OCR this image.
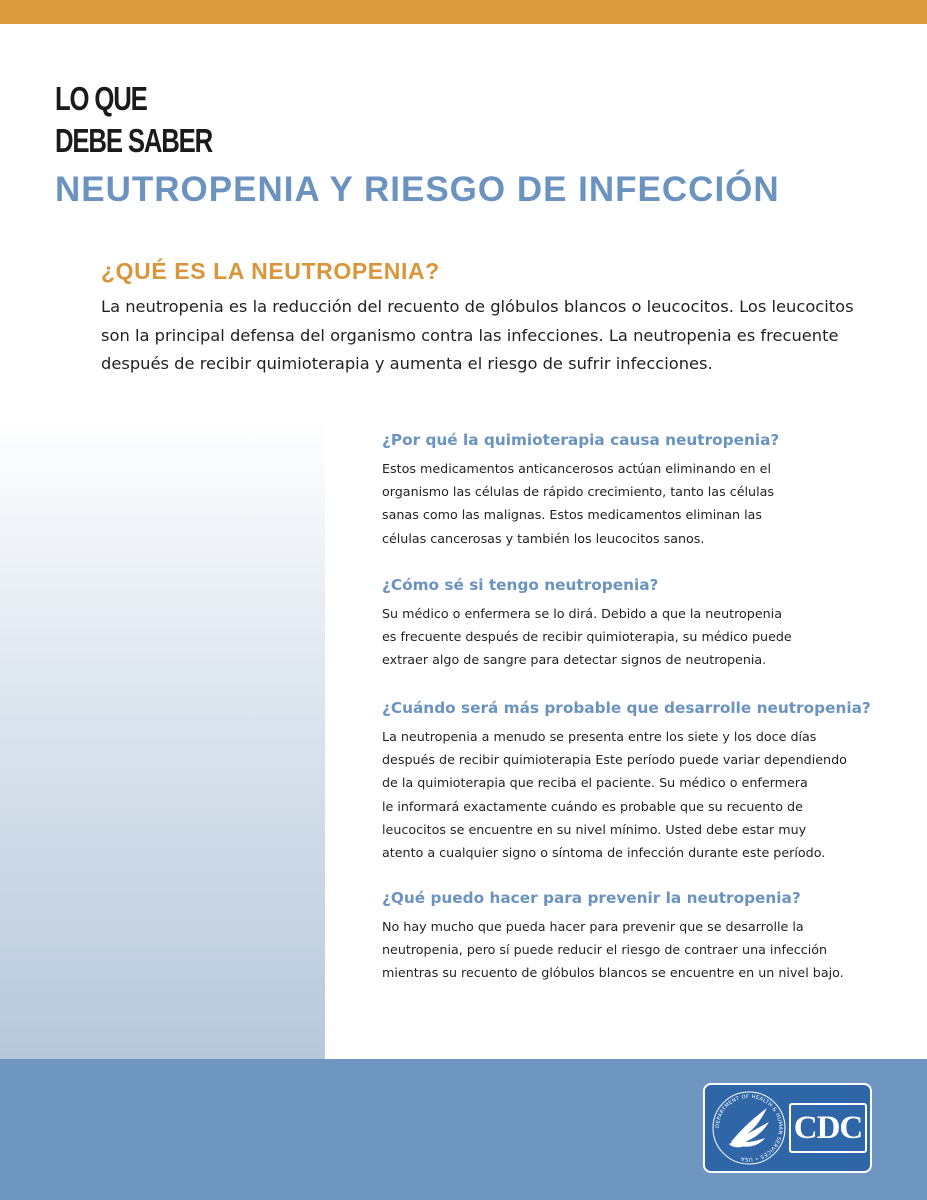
LO QUE
DEBE SABER
NEUTROPENIA Y RIESGO DE INFECCIÓN
¿QUÉ ES LA NEUTROPENIA?

La neutropenia es la reducción del recuento de glóbulos blancos o leucocitos. Los leucocitos son la principal defensa del organismo contra las infecciones. La neutropenia es frecuente después de recibir quimioterapia y aumenta el riesgo de sufrir infecciones.

¿Por qué la quimioterapia causa neutropenia?

Estos medicamentos anticancerosos actúan eliminando en el
organismo las células de rápido crecimiento, tanto las células
sanas como las malignas. Estos medicamentos eliminan las
células cancerosas y también los leucocitos sanos.

¿Cómo sé si tengo neutropenia?

Su médico o enfermera se lo dirá. Debido a que la neutropenia
es frecuente después de recibir quimioterapia, su médico puede
extraer algo de sangre para detectar signos de neutropenia.

¿Cuándo será más probable que desarrolle neutropenia?

La neutropenia a menudo se presenta entre los siete y los doce días
después de recibir quimioterapia Este período puede variar dependiendo
de la quimioterapia que reciba el paciente. Su médico o enfermera
le informará exactamente cuándo es probable que su recuento de
leucocitos se encuentre en su nivel mínimo. Usted debe estar muy
atento a cualquier signo o síntoma de infección durante este período.

¿Qué puedo hacer para prevenir la neutropenia?

No hay mucho que pueda hacer para prevenir que se desarrolle la
neutropenia, pero sí puede reducir el riesgo de contraer una infección
mientras su recuento de glóbulos blancos se encuentre en un nivel bajo.

DEPARTMENT OF HEALTH & HUMAN SERVICES • USA
CDC
